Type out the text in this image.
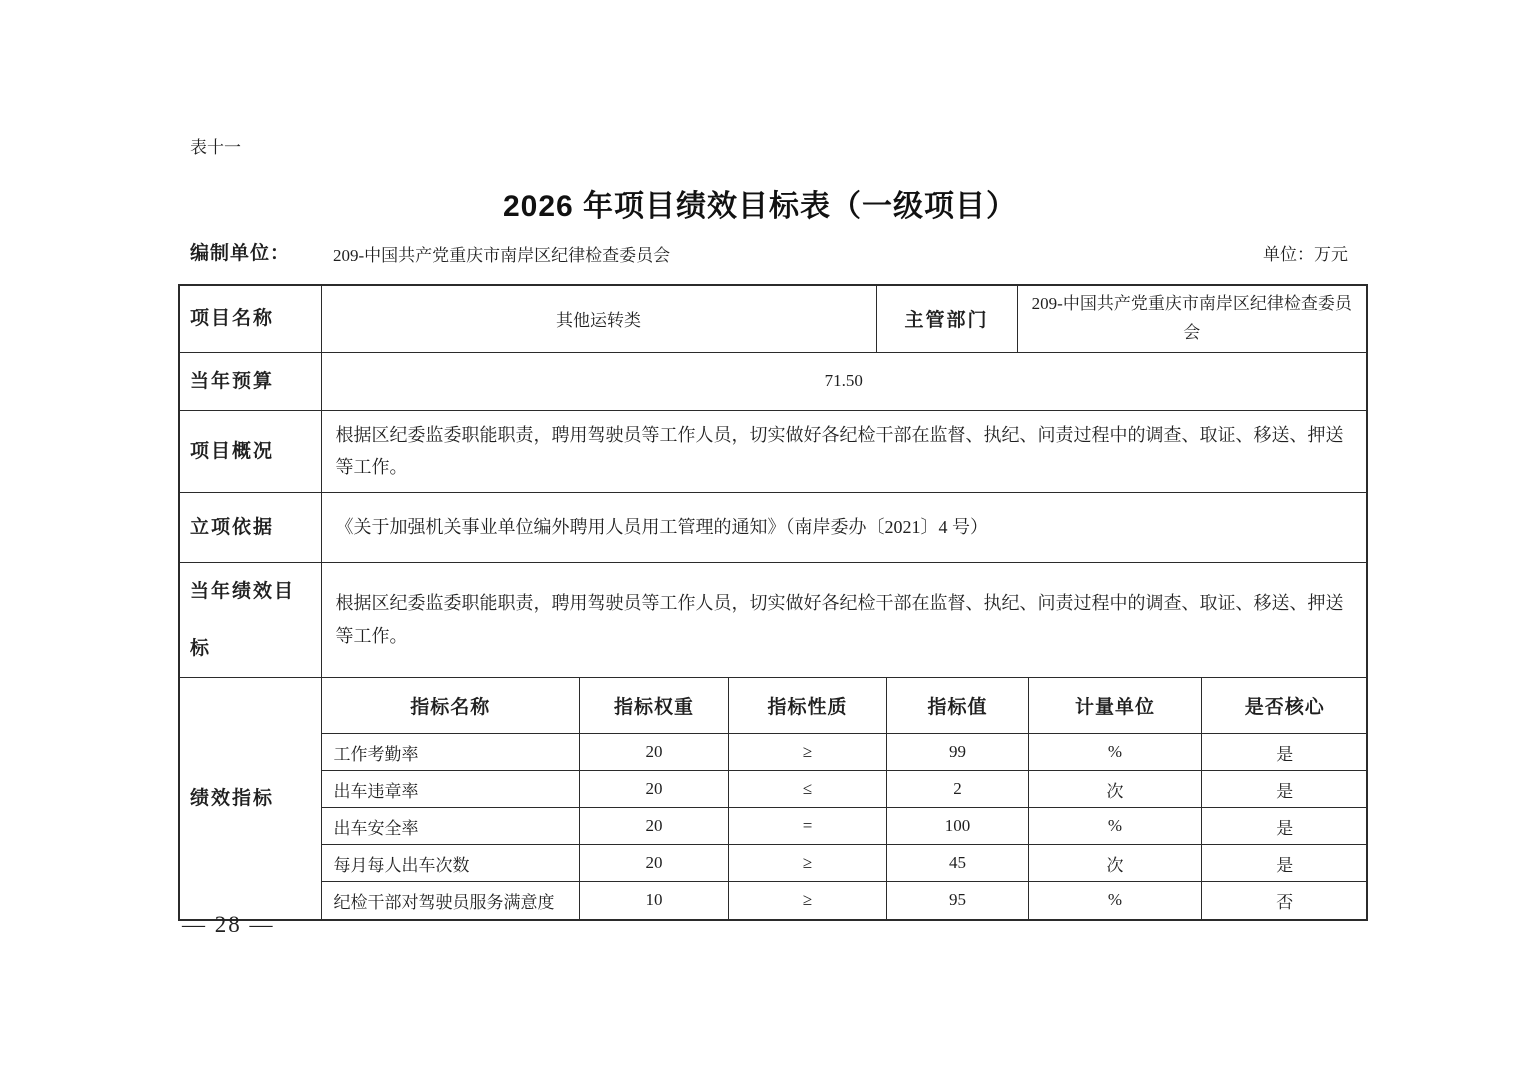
表十一
2026 年项目绩效目标表（一级项目）
编制单位：	209-中国共产党重庆市南岸区纪律检查委员会	单位：万元
项目名称	其他运转类	主管部门	209-中国共产党重庆市南岸区纪律检查委员会
当年预算	71.50
项目概况	根据区纪委监委职能职责，聘用驾驶员等工作人员，切实做好各纪检干部在监督、执纪、问责过程中的调查、取证、移送、押送等工作。
立项依据	《关于加强机关事业单位编外聘用人员用工管理的通知》（南岸委办〔2021〕4 号）
当年绩效目标	根据区纪委监委职能职责，聘用驾驶员等工作人员，切实做好各纪检干部在监督、执纪、问责过程中的调查、取证、移送、押送等工作。
绩效指标	
指标名称	指标权重	指标性质	指标值	计量单位	是否核心
工作考勤率	20	≥	99	%	是
出车违章率	20	≤	2	次	是
出车安全率	20	=	100	%	是
每月每人出车次数	20	≥	45	次	是
纪检干部对驾驶员服务满意度	10	≥	95	%	否
— 28 —
